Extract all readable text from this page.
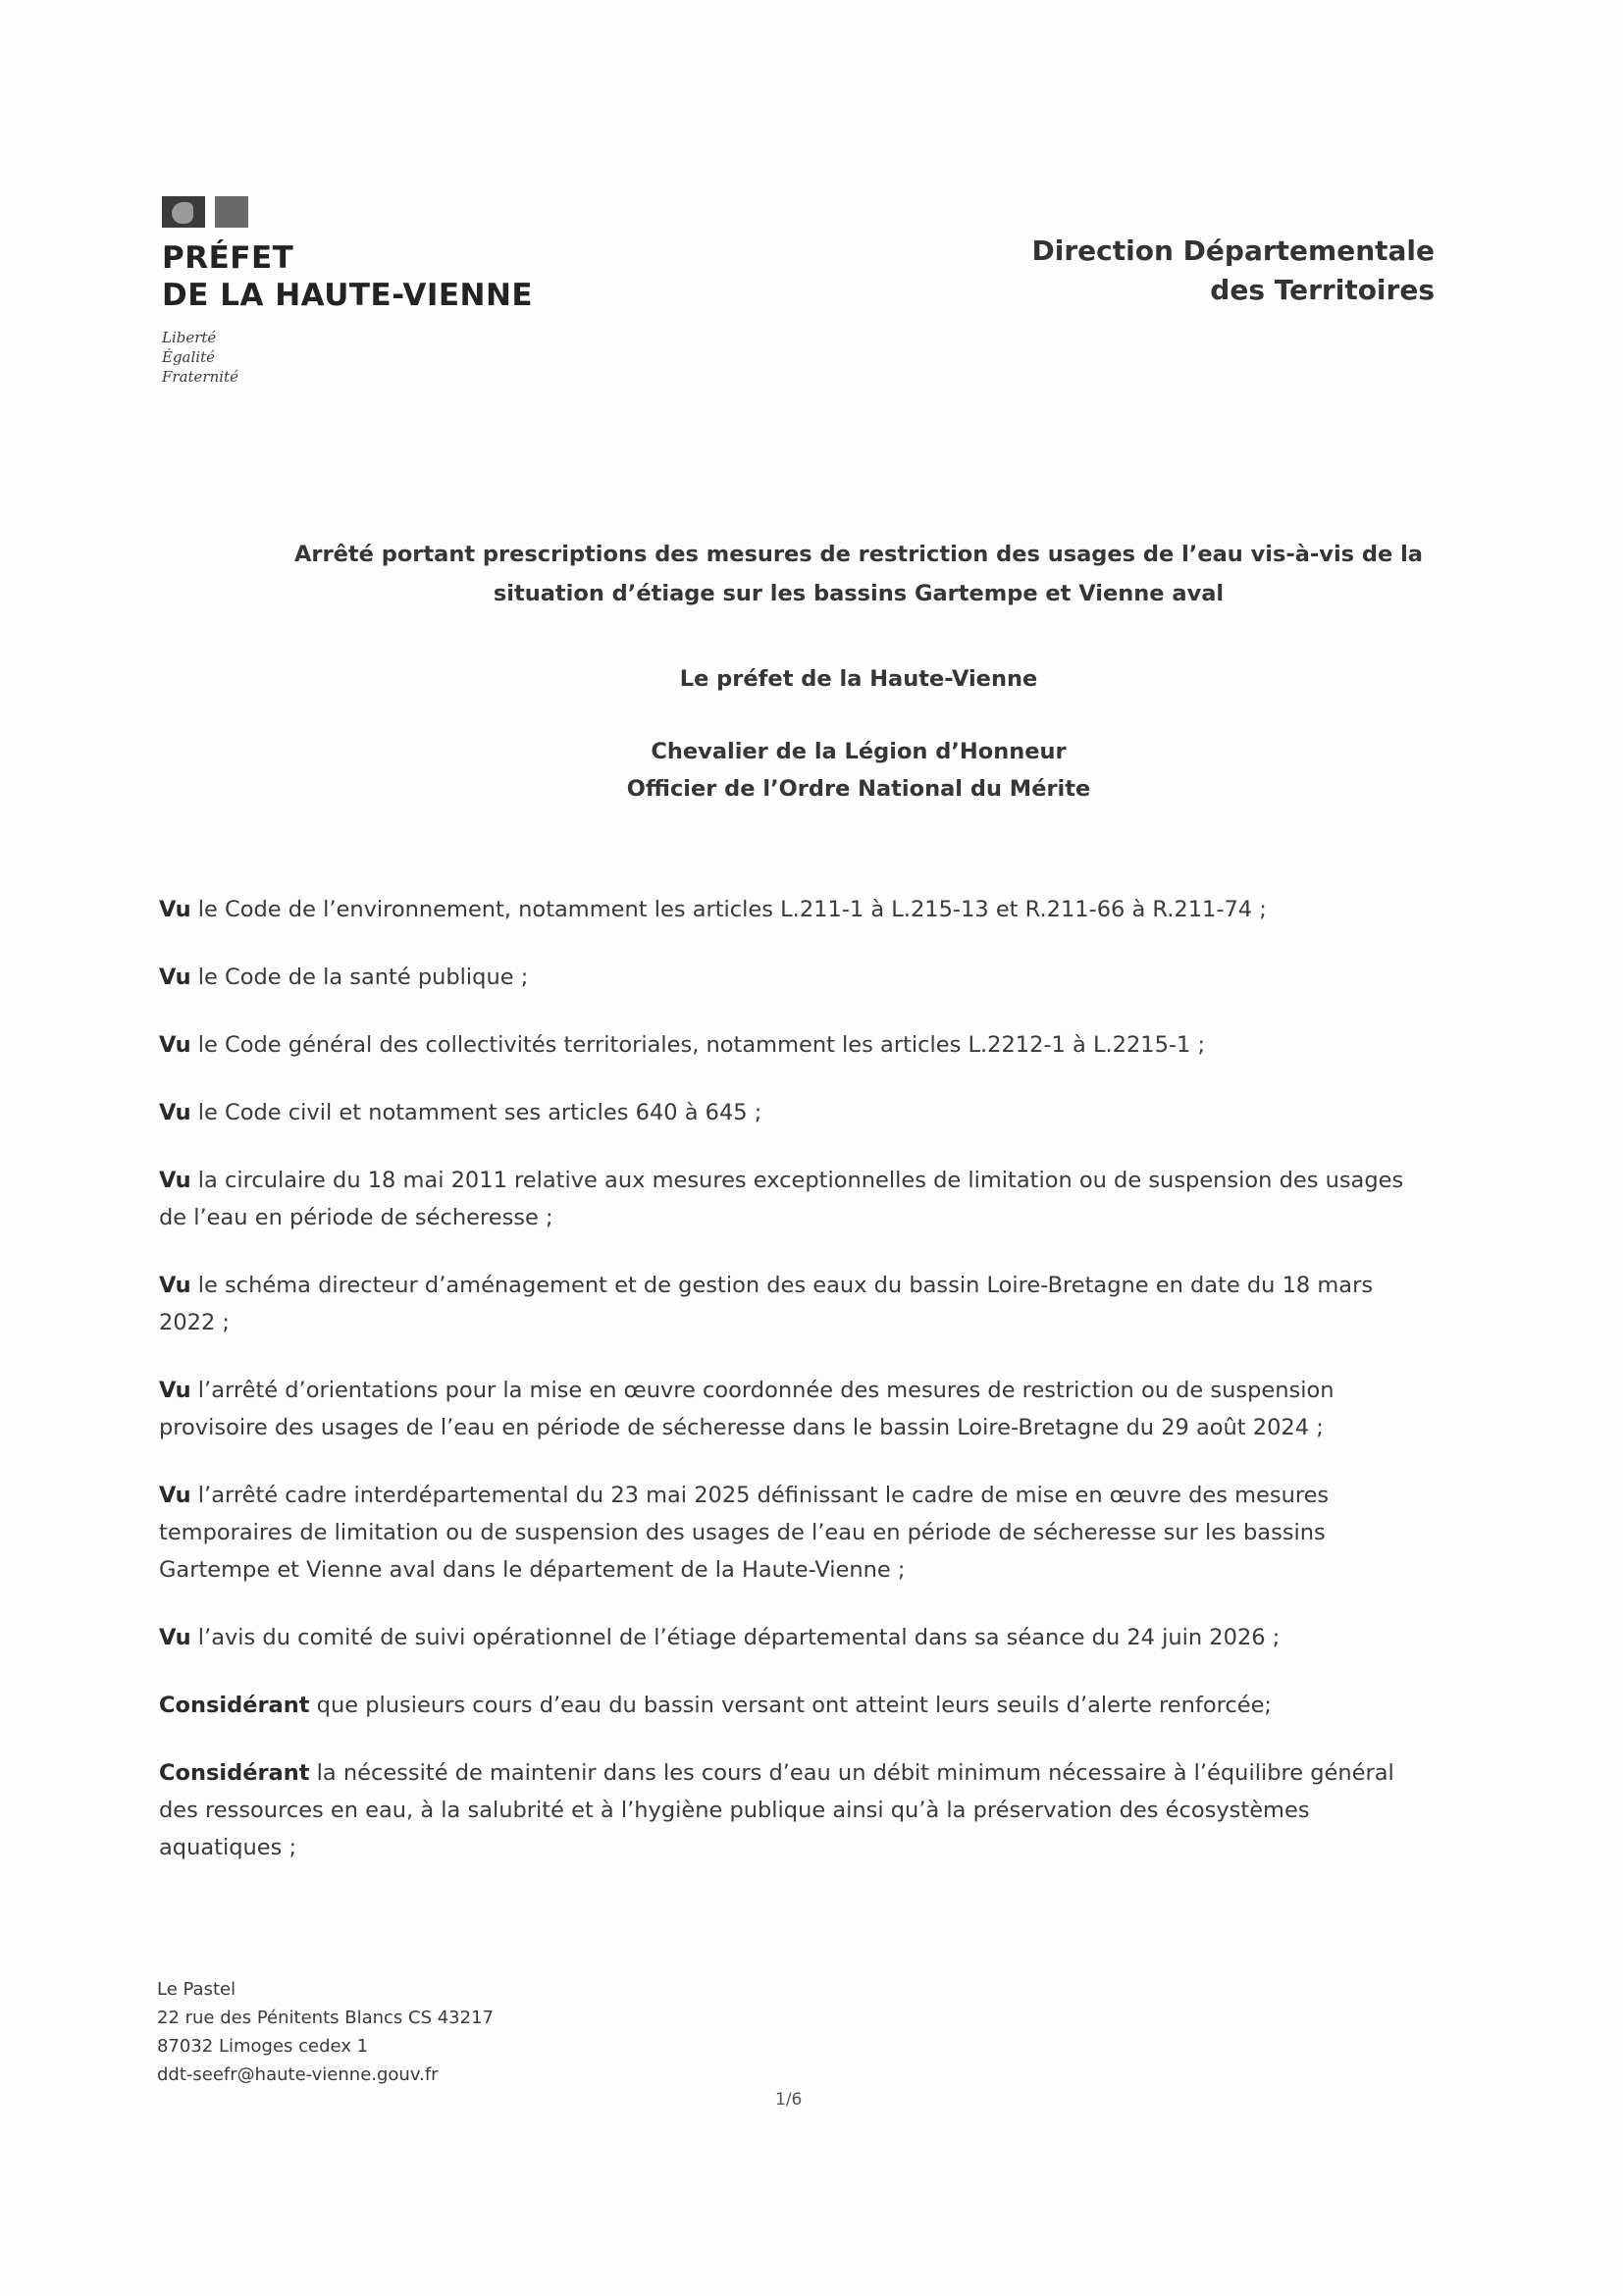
PRÉFET
DE LA HAUTE-VIENNE
Liberté
Égalité
Fraternité
Direction Départementale
des Territoires
Arrêté portant prescriptions des mesures de restriction des usages de l’eau vis-à-vis de la
situation d’étiage sur les bassins Gartempe et Vienne aval
Le préfet de la Haute-Vienne
Chevalier de la Légion d’Honneur
Officier de l’Ordre National du Mérite

Vu le Code de l’environnement, notamment les articles L.211-1 à L.215-13 et R.211-66 à R.211-74 ;

Vu le Code de la santé publique ;

Vu le Code général des collectivités territoriales, notamment les articles L.2212-1 à L.2215-1 ;

Vu le Code civil et notamment ses articles 640 à 645 ;

Vu la circulaire du 18 mai 2011 relative aux mesures exceptionnelles de limitation ou de suspension des usages de l’eau en période de sécheresse ;

Vu le schéma directeur d’aménagement et de gestion des eaux du bassin Loire-Bretagne en date du 18 mars 2022 ;

Vu l’arrêté d’orientations pour la mise en œuvre coordonnée des mesures de restriction ou de suspension provisoire des usages de l’eau en période de sécheresse dans le bassin Loire-Bretagne du 29 août 2024 ;

Vu l’arrêté cadre interdépartemental du 23 mai 2025 définissant le cadre de mise en œuvre des mesures temporaires de limitation ou de suspension des usages de l’eau en période de sécheresse sur les bassins Gartempe et Vienne aval dans le département de la Haute-Vienne ;

Vu l’avis du comité de suivi opérationnel de l’étiage départemental dans sa séance du 24 juin 2026 ;

Considérant que plusieurs cours d’eau du bassin versant ont atteint leurs seuils d’alerte renforcée;

Considérant la nécessité de maintenir dans les cours d’eau un débit minimum nécessaire à l’équilibre général des ressources en eau, à la salubrité et à l’hygiène publique ainsi qu’à la préservation des écosystèmes aquatiques ;

Le Pastel
22 rue des Pénitents Blancs CS 43217
87032 Limoges cedex 1
ddt-seefr@haute-vienne.gouv.fr
1/6
